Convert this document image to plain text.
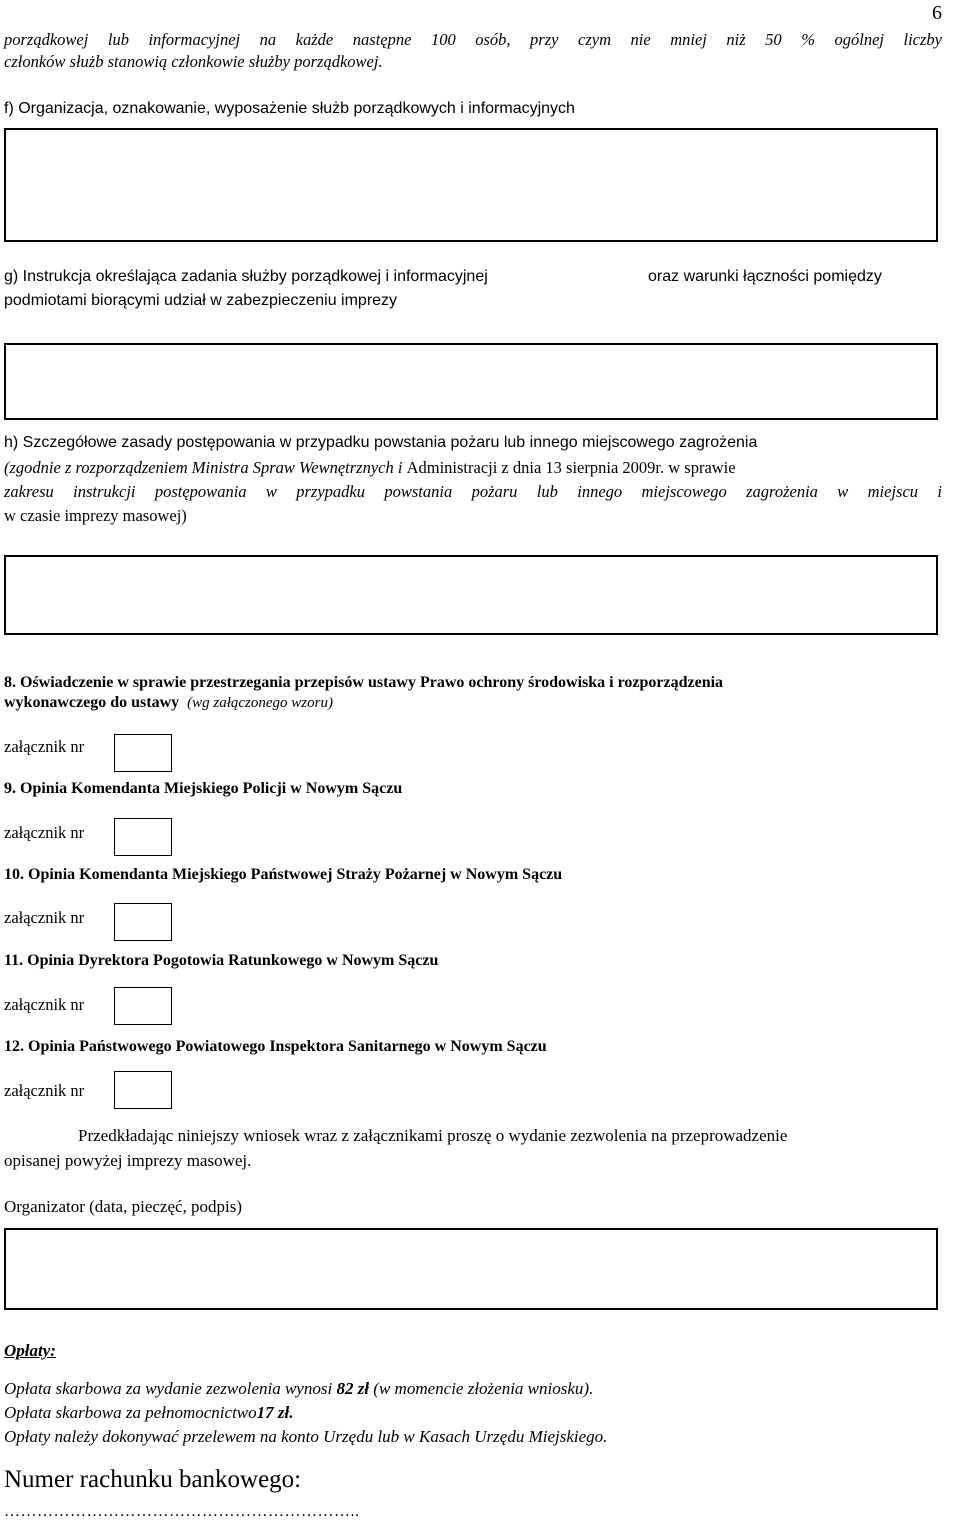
6
porządkowej lub informacyjnej na każde następne 100 osób, przy czym nie mniej niż 50 % ogólnej liczby
członków służb stanowią członkowie służby porządkowej.
f) Organizacja, oznakowanie, wyposażenie służb porządkowych i informacyjnych
g) Instrukcja określająca zadania służby porządkowej i informacyjnej	oraz warunki łączności pomiędzy
podmiotami biorącymi udział w zabezpieczeniu imprezy
h) Szczegółowe zasady postępowania w przypadku powstania pożaru lub innego miejscowego zagrożenia
(zgodnie z rozporządzeniem Ministra Spraw Wewnętrznych i Administracji z dnia 13 sierpnia 2009r. w sprawie
zakresu instrukcji postępowania w przypadku powstania pożaru lub innego miejscowego zagrożenia w miejscu i
w czasie imprezy masowej)
8. Oświadczenie w sprawie przestrzegania przepisów ustawy Prawo ochrony środowiska i rozporządzenia
wykonawczego do ustawy (wg załączonego wzoru)
załącznik nr
9. Opinia Komendanta Miejskiego Policji w Nowym Sączu
załącznik nr
10. Opinia Komendanta Miejskiego Państwowej Straży Pożarnej w Nowym Sączu
załącznik nr
11. Opinia Dyrektora Pogotowia Ratunkowego w Nowym Sączu
załącznik nr
12. Opinia Państwowego Powiatowego Inspektora Sanitarnego w Nowym Sączu
załącznik nr
Przedkładając niniejszy wniosek wraz z załącznikami proszę o wydanie zezwolenia na przeprowadzenie
opisanej powyżej imprezy masowej.
Organizator (data, pieczęć, podpis)
Opłaty:
Opłata skarbowa za wydanie zezwolenia wynosi 82 zł (w momencie złożenia wniosku).
Opłata skarbowa za pełnomocnictwo17 zł.
Opłaty należy dokonywać przelewem na konto Urzędu lub w Kasach Urzędu Miejskiego.
Numer rachunku bankowego:
………………………………………………………..
